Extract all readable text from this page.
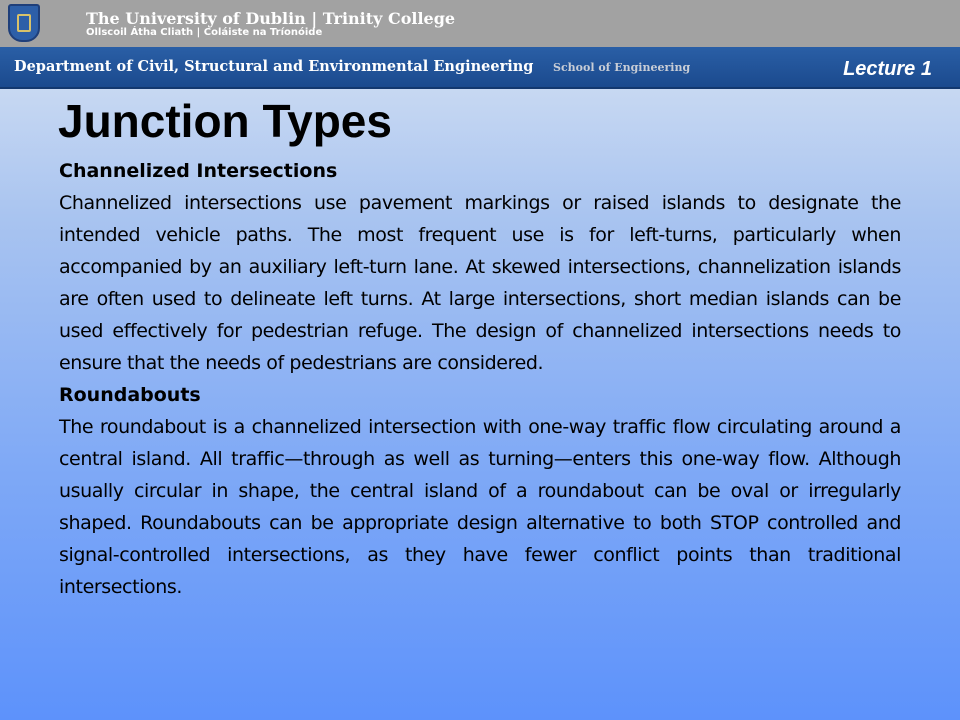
The University of Dublin | Trinity College
Ollscoil Átha Cliath | Coláiste na Tríonóide
Department of Civil, Structural and Environmental Engineering School of Engineering	Lecture 1
Junction Types

Channelized Intersections

Channelized intersections use pavement markings or raised islands to designate the intended vehicle paths. The most frequent use is for left-turns, particularly when accompanied by an auxiliary left-turn lane. At skewed intersections, channelization islands are often used to delineate left turns. At large intersections, short median islands can be used effectively for pedestrian refuge. The design of channelized intersections needs to ensure that the needs of pedestrians are considered.

Roundabouts

The roundabout is a channelized intersection with one-way traffic flow circulating around a central island. All traffic—through as well as turning—enters this one-way flow. Although usually circular in shape, the central island of a roundabout can be oval or irregularly shaped. Roundabouts can be appropriate design alternative to both STOP controlled and signal-controlled intersections, as they have fewer conflict points than traditional intersections.
